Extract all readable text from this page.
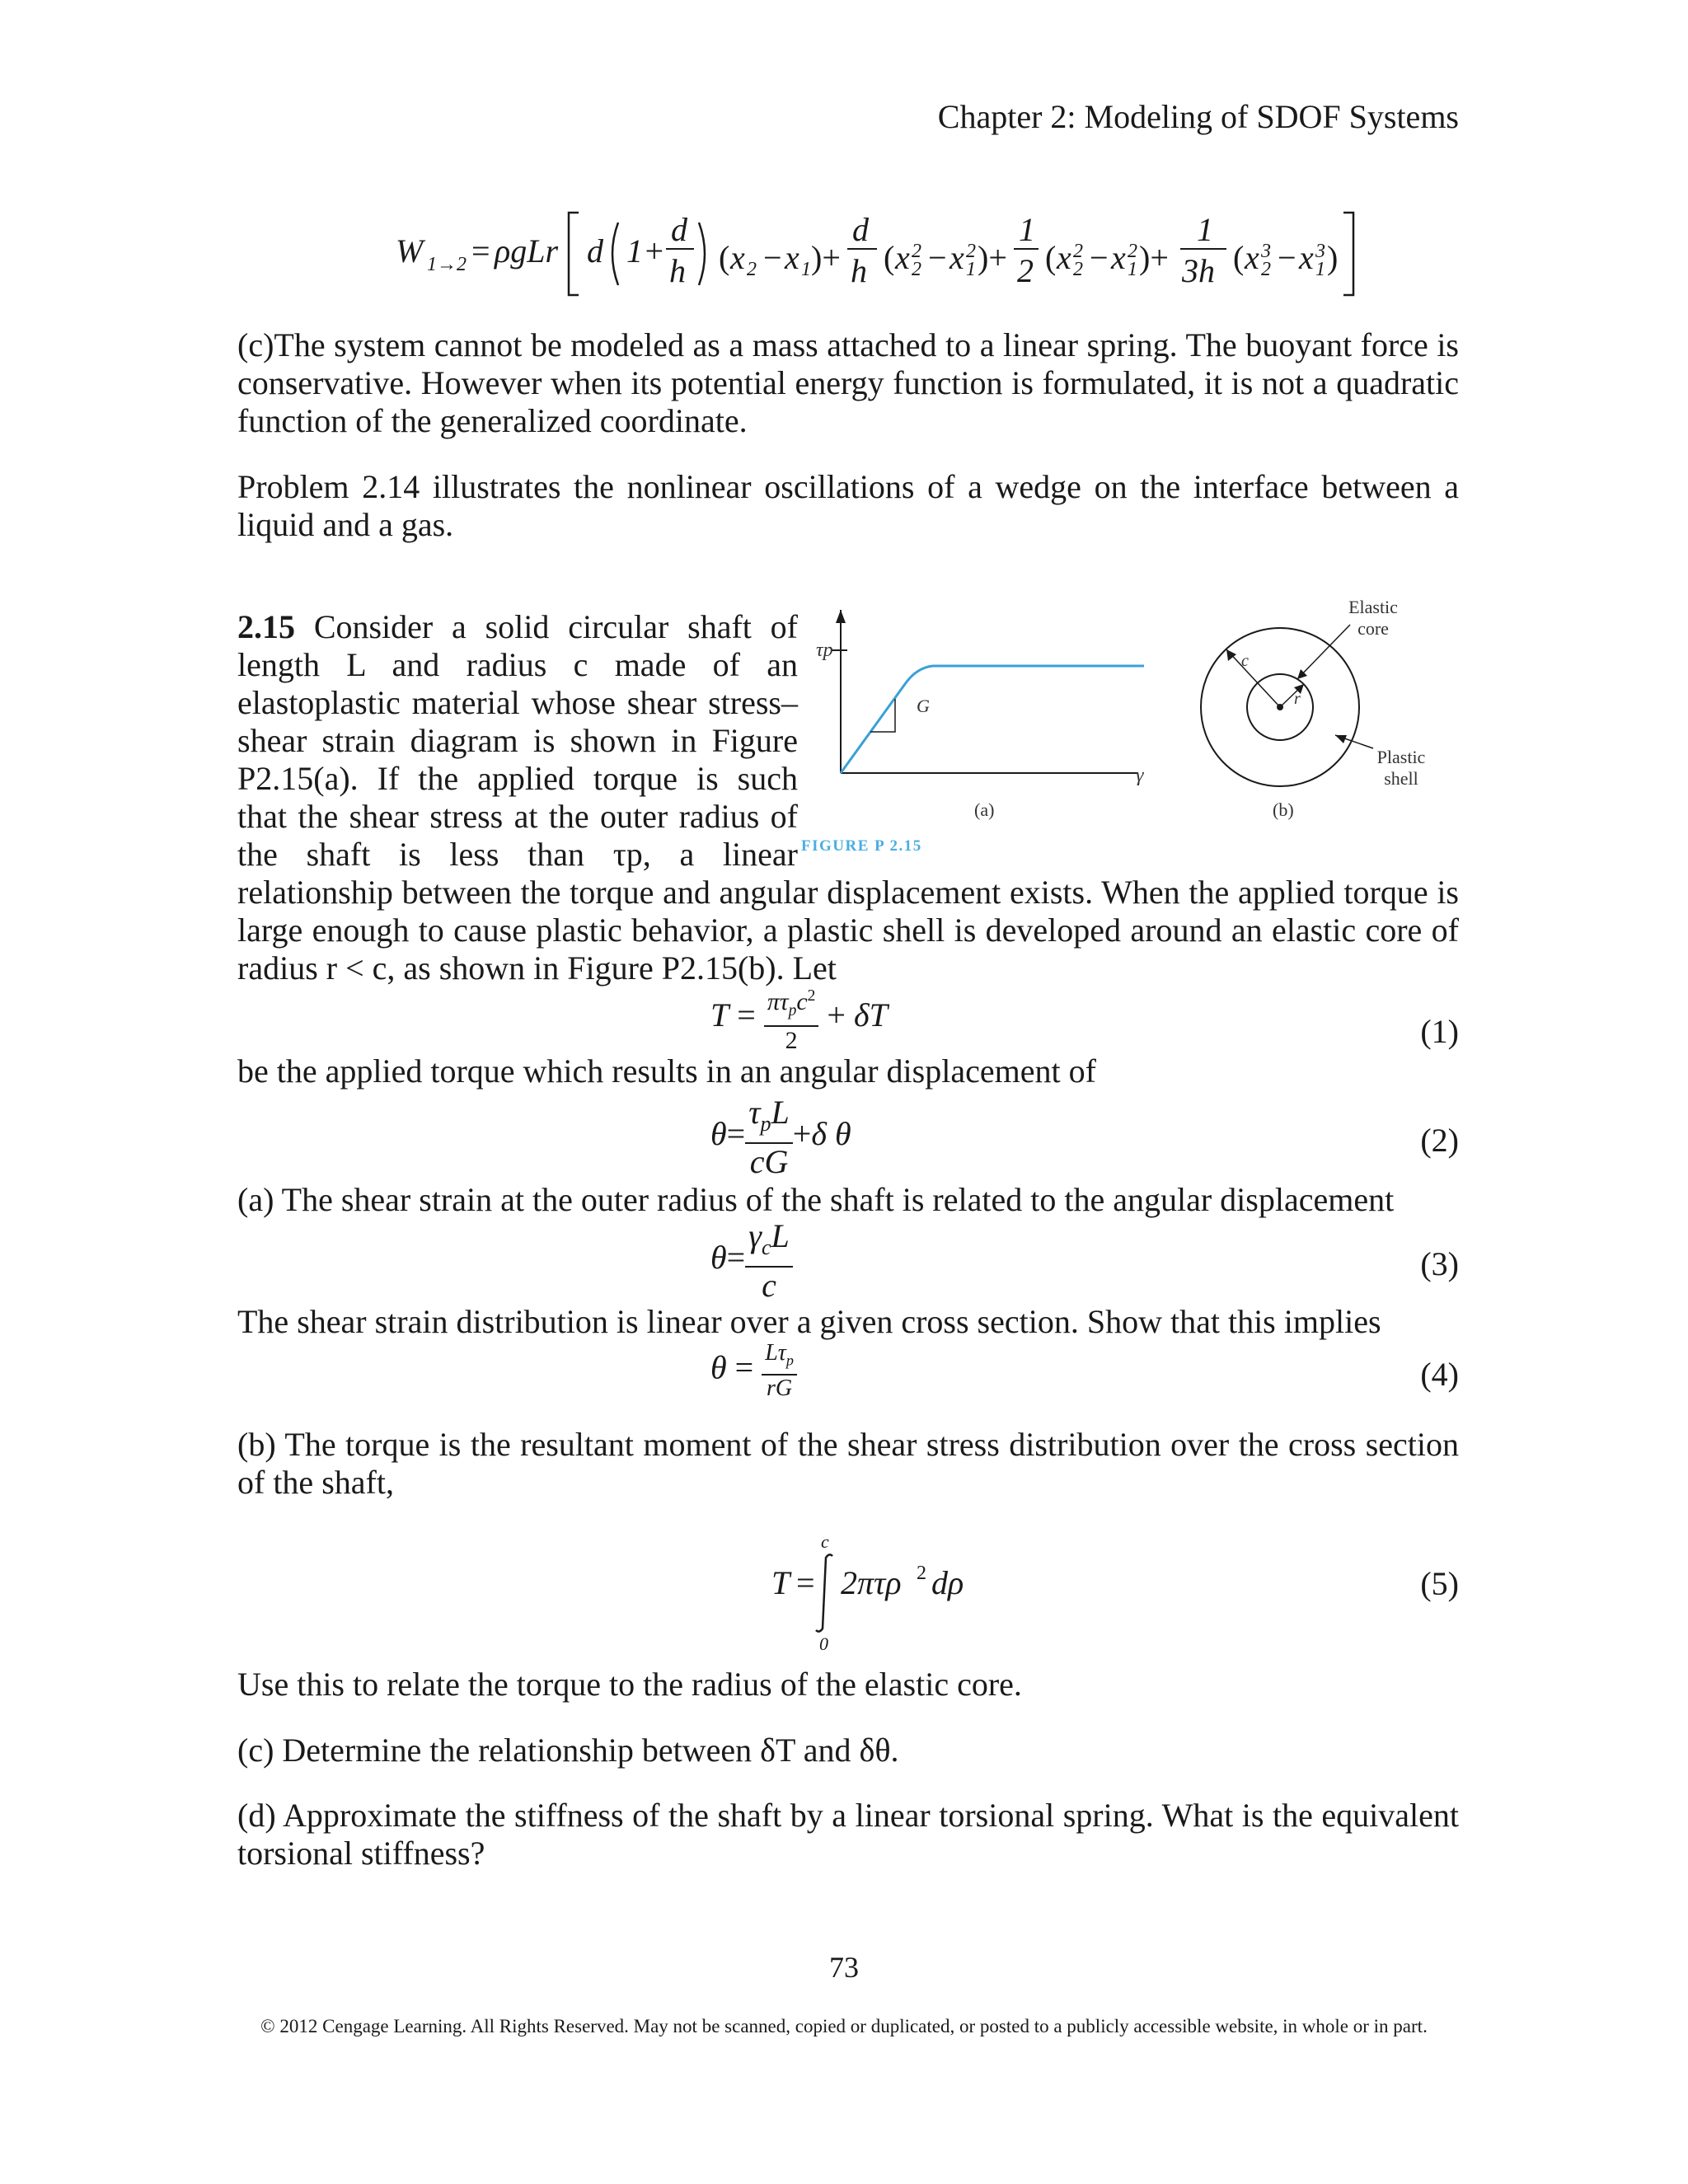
Chapter 2: Modeling of SDOF Systems
W 1→2 = ρgLr d 1+
d
h ( x 2 − x 1 )+
d
h ( x 2
2 − x 2
1 )+
1
2 ( x 2
2 − x 2
1 )+
1
3h ( x 3
2 − x 3
1 )
(c)The system cannot be modeled as a mass attached to a linear spring. The buoyant force is conservative. However when its potential energy function is formulated, it is not a quadratic function of the generalized coordinate.
Problem 2.14 illustrates the nonlinear oscillations of a wedge on the interface between a liquid and a gas.
2.15 Consider a solid circular shaft of
length L and radius c made of an
elastoplastic material whose shear stress–
shear strain diagram is shown in Figure
P2.15(a). If the applied torque is such
that the shear stress at the outer radius of
the shaft is less than τp, a linear
τp
G
γ
(a)
FIGURE P 2.15
c
r
Elastic
core
Plastic
shell
(b)
relationship between the torque and angular displacement exists. When the applied torque is large enough to cause plastic behavior, a plastic shell is developed around an elastic core of radius r < c, as shown in Figure P2.15(b). Let
$T = \frac{\pi\tau_pc^2}{2} + \delta T$	(1)
be the applied torque which results in an angular displacement of
$\theta= \frac{\tau_pL}{cG} +\delta$ θ	(2)
(a) The shear strain at the outer radius of the shaft is related to the angular displacement
$\theta= \frac{\gamma_cL}{c}$	(3)
The shear strain distribution is linear over a given cross section. Show that this implies
$\theta = \frac{L\tau_p}{rG}$	(4)
(b) The torque is the resultant moment of the shear stress distribution over the cross section of the shaft,
T =
c
0
2πτρ 2 dρ	(5)
Use this to relate the torque to the radius of the elastic core.
(c) Determine the relationship between δT and δθ.
(d) Approximate the stiffness of the shaft by a linear torsional spring. What is the equivalent torsional stiffness?
73
© 2012 Cengage Learning. All Rights Reserved. May not be scanned, copied or duplicated, or posted to a publicly accessible website, in whole or in part.
